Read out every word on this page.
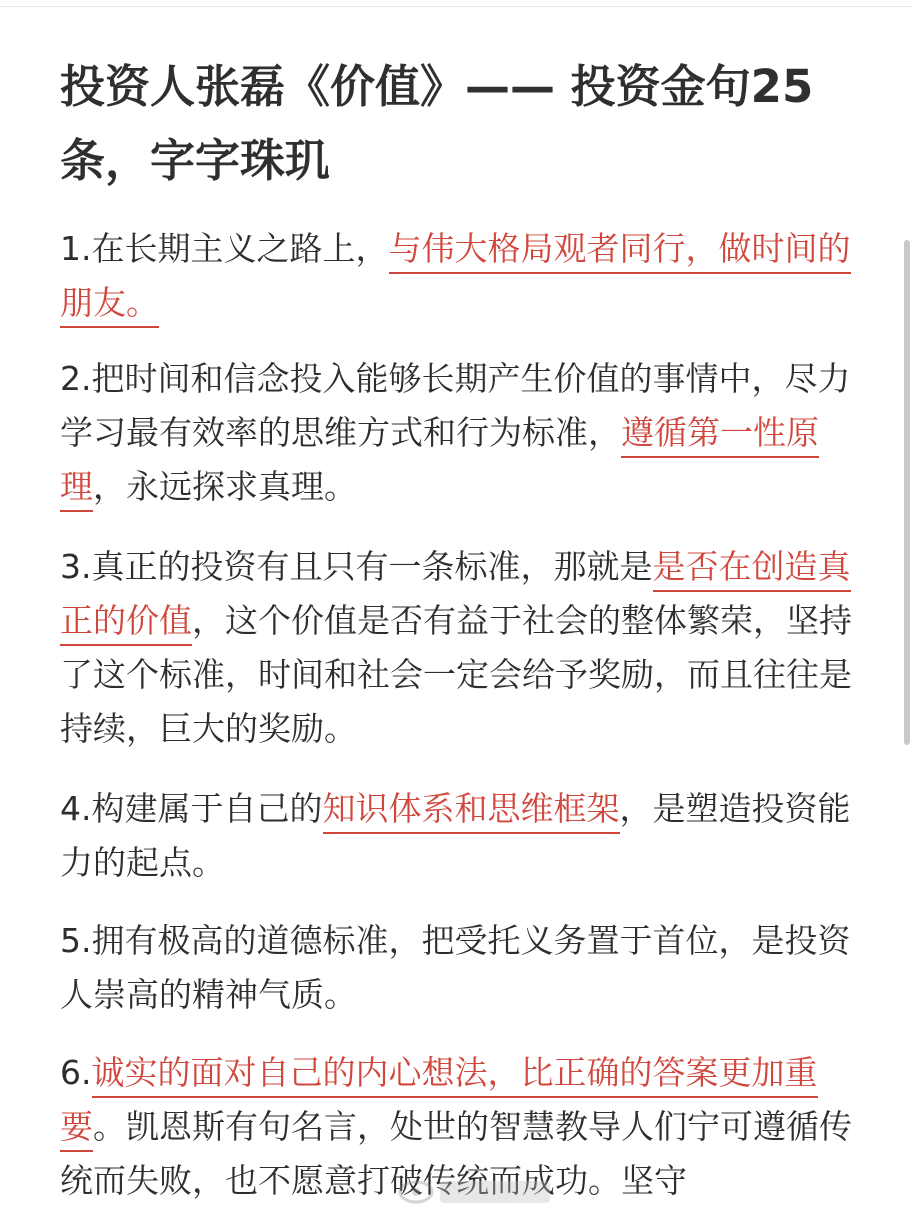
投资人张磊《价值》—— 投资金句25条，字字珠玑

1.在长期主义之路上，与伟大格局观者同行，做时间的朋友。

2.把时间和信念投入能够长期产生价值的事情中，尽力学习最有效率的思维方式和行为标准，遵循第一性原理，永远探求真理。

3.真正的投资有且只有一条标准，那就是是否在创造真正的价值，这个价值是否有益于社会的整体繁荣，坚持了这个标准，时间和社会一定会给予奖励，而且往往是持续，巨大的奖励。

4.构建属于自己的知识体系和思维框架，是塑造投资能力的起点。

5.拥有极高的道德标准，把受托义务置于首位，是投资人崇高的精神气质。

6.诚实的面对自己的内心想法，比正确的答案更加重要。凯恩斯有句名言，处世的智慧教导人们宁可遵循传统而失败，也不愿意打破传统而成功。坚守
